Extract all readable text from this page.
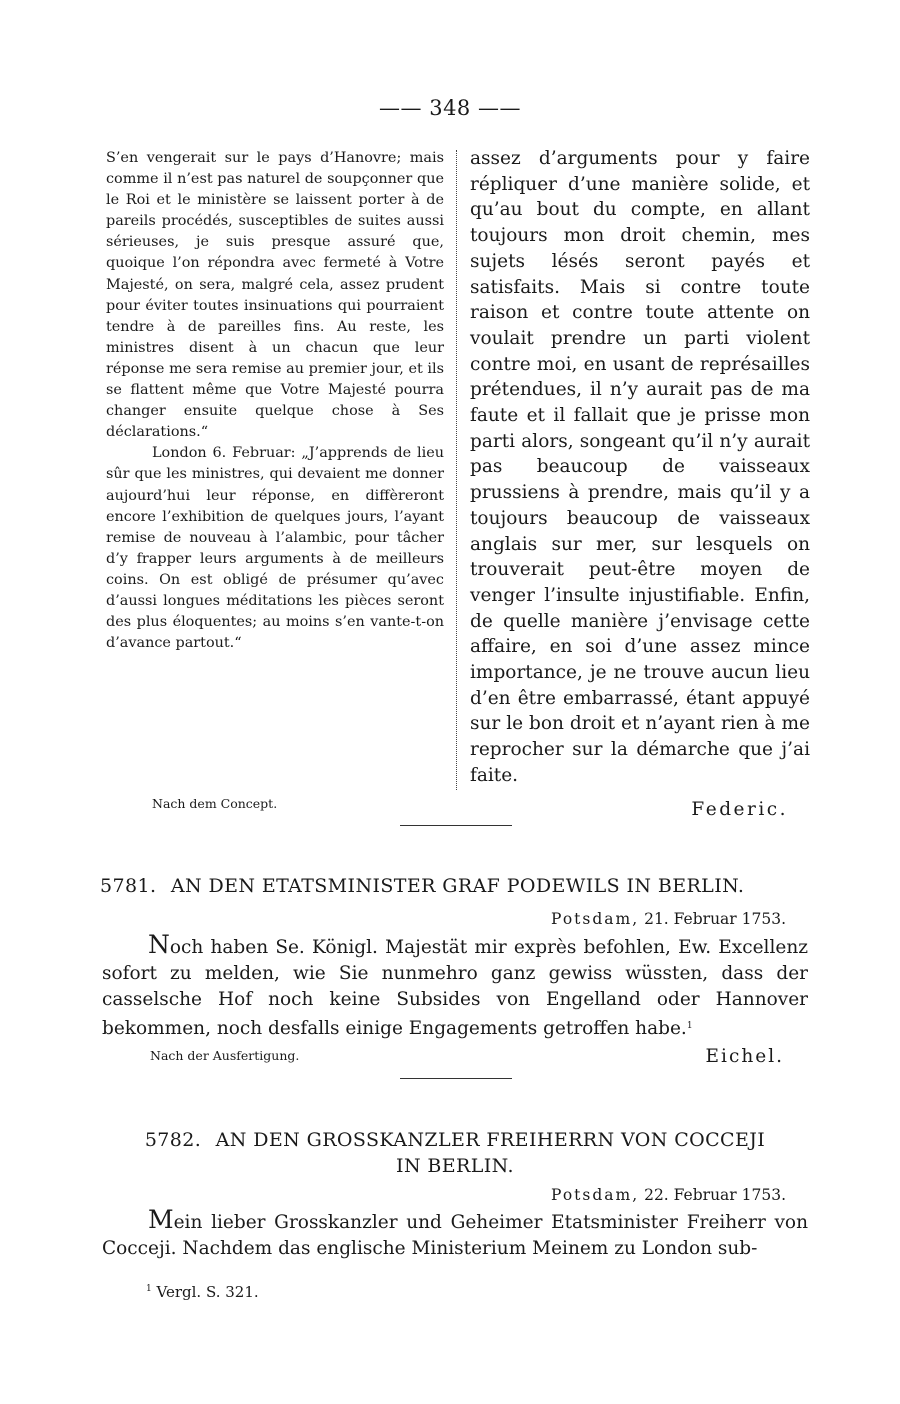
—— 348 ——

S’en vengerait sur le pays d’Hanovre; mais comme il n’est pas naturel de soupçonner que le Roi et le ministère se laissent porter à de pareils procédés, susceptibles de suites aussi sérieuses, je suis presque assuré que, quoique l’on répondra avec fermeté à Votre Majesté, on sera, malgré cela, assez prudent pour éviter toutes insinuations qui pourraient tendre à de pareilles fins. Au reste, les ministres disent à un chacun que leur réponse me sera remise au premier jour, et ils se flattent même que Votre Majesté pourra changer ensuite quelque chose à Ses déclarations.“

London 6. Februar: „J’apprends de lieu sûr que les ministres, qui devaient me donner aujourd’hui leur réponse, en diffèreront encore l’exhibition de quelques jours, l’ayant remise de nouveau à l’alambic, pour tâcher d’y frapper leurs arguments à de meilleurs coins. On est obligé de présumer qu’avec d’aussi longues méditations les pièces seront des plus éloquentes; au moins s’en vante-t-on d’avance partout.“

assez d’arguments pour y faire répliquer d’une manière solide, et qu’au bout du compte, en allant toujours mon droit chemin, mes sujets lésés seront payés et satisfaits. Mais si contre toute raison et contre toute attente on voulait prendre un parti violent contre moi, en usant de représailles prétendues, il n’y aurait pas de ma faute et il fallait que je prisse mon parti alors, songeant qu’il n’y aurait pas beaucoup de vaisseaux prussiens à prendre, mais qu’il y a toujours beaucoup de vaisseaux anglais sur mer, sur lesquels on trouverait peut-être moyen de venger l’insulte injustifiable. Enfin, de quelle manière j’envisage cette affaire, en soi d’une assez mince importance, je ne trouve aucun lieu d’en être embarrassé, étant appuyé sur le bon droit et n’ayant rien à me reprocher sur la démarche que j’ai faite.

Federic.
Nach dem Concept.
5781. AN DEN ETATSMINISTER GRAF PODEWILS IN BERLIN.
Potsdam, 21. Februar 1753.

Noch haben Se. Königl. Majestät mir exprès befohlen, Ew. Excellenz sofort zu melden, wie Sie nunmehro ganz gewiss wüssten, dass der casselsche Hof noch keine Subsides von Engelland oder Hannover bekommen, noch desfalls einige Engagements getroffen habe.$^1$

Nach der Ausfertigung.	Eichel.
5782. AN DEN GROSSKANZLER FREIHERRN VON COCCEJI
IN BERLIN.
Potsdam, 22. Februar 1753.

Mein lieber Grosskanzler und Geheimer Etatsminister Freiherr von Cocceji. Nachdem das englische Ministerium Meinem zu London sub-

$^1$ Vergl. S. 321.
